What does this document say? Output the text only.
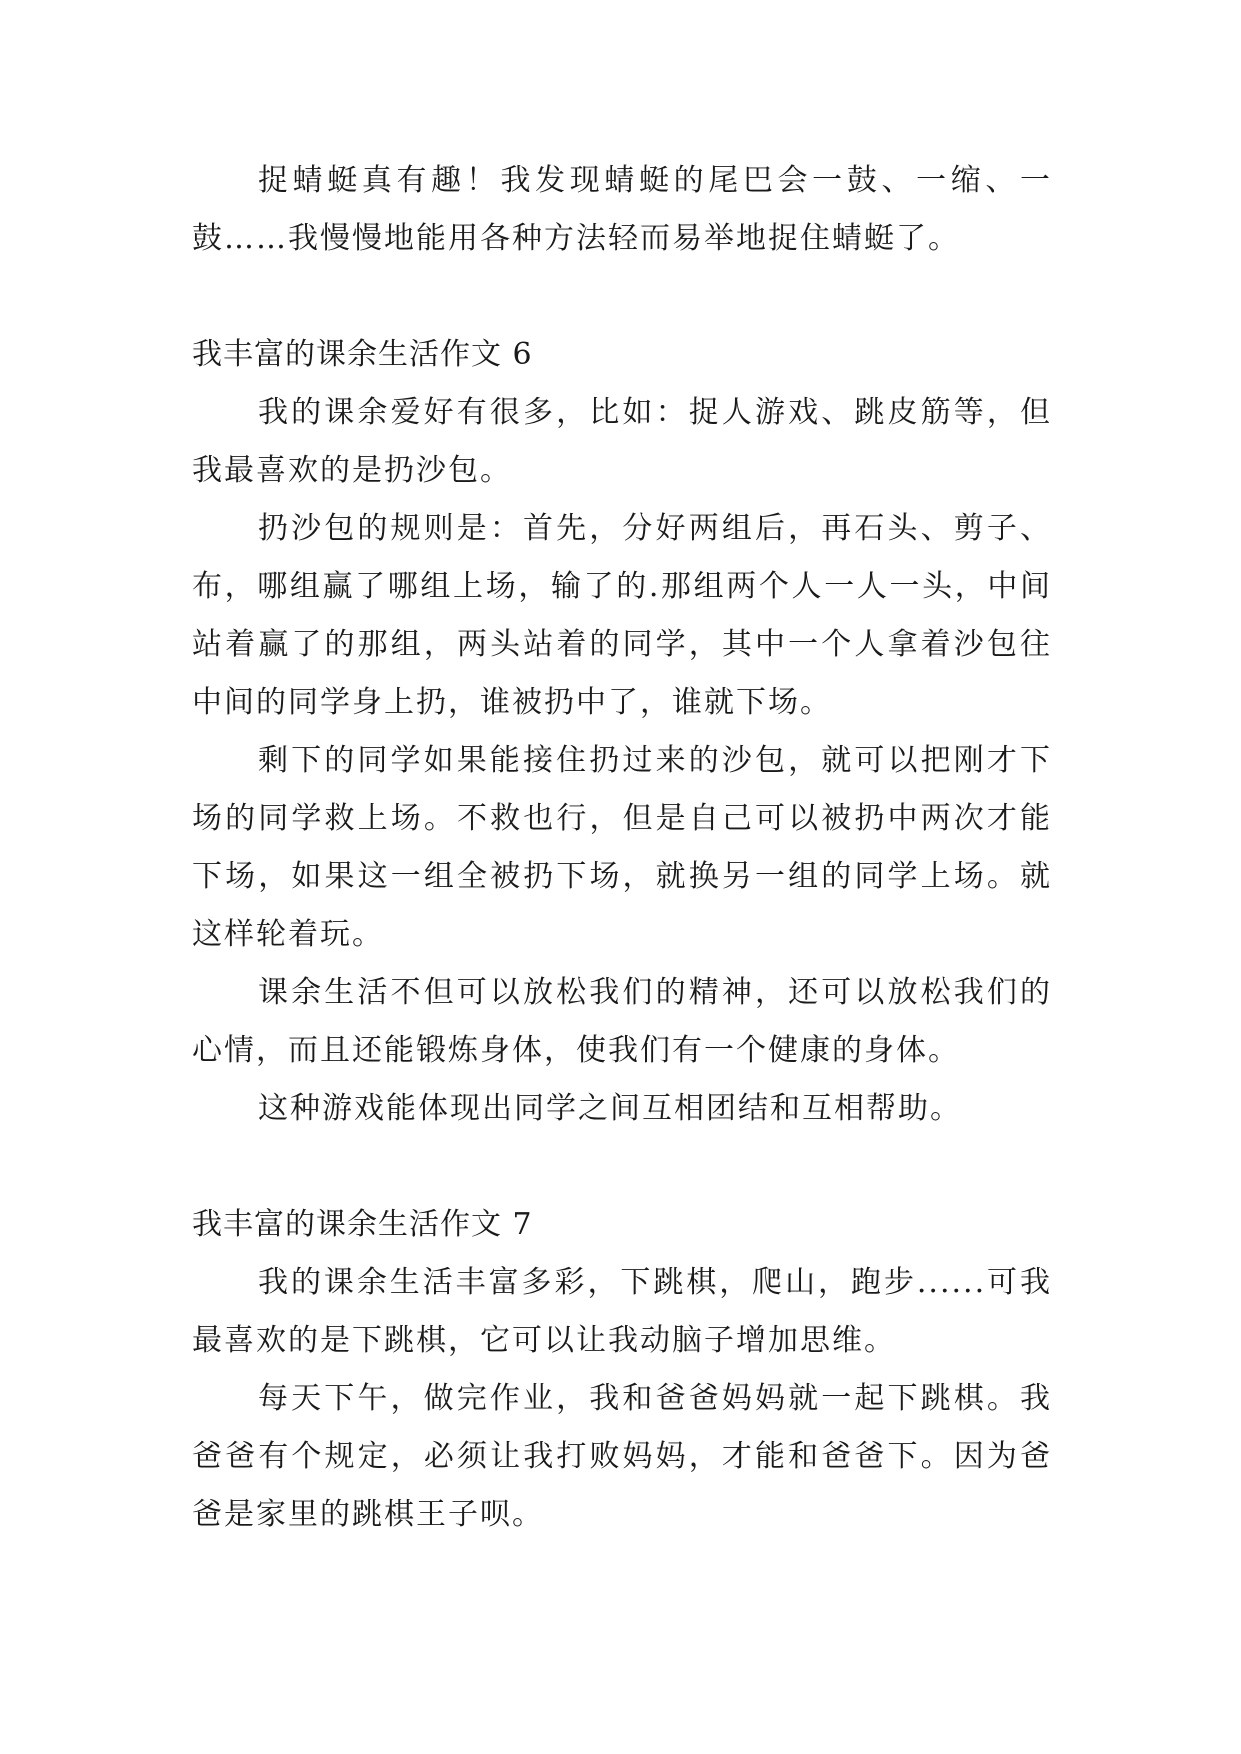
捉蜻蜓真有趣！我发现蜻蜓的尾巴会一鼓、一缩、一鼓……我慢慢地能用各种方法轻而易举地捉住蜻蜓了。

我丰富的课余生活作文 6

我的课余爱好有很多，比如：捉人游戏、跳皮筋等，但我最喜欢的是扔沙包。

扔沙包的规则是：首先，分好两组后，再石头、剪子、布，哪组赢了哪组上场，输了的.那组两个人一人一头，中间站着赢了的那组，两头站着的同学，其中一个人拿着沙包往中间的同学身上扔，谁被扔中了，谁就下场。

剩下的同学如果能接住扔过来的沙包，就可以把刚才下场的同学救上场。不救也行，但是自己可以被扔中两次才能下场，如果这一组全被扔下场，就换另一组的同学上场。就这样轮着玩。

课余生活不但可以放松我们的精神，还可以放松我们的心情，而且还能锻炼身体，使我们有一个健康的身体。

这种游戏能体现出同学之间互相团结和互相帮助。

我丰富的课余生活作文 7

我的课余生活丰富多彩，下跳棋，爬山，跑步......可我最喜欢的是下跳棋，它可以让我动脑子增加思维。

每天下午，做完作业，我和爸爸妈妈就一起下跳棋。我爸爸有个规定，必须让我打败妈妈，才能和爸爸下。因为爸爸是家里的跳棋王子呗。
